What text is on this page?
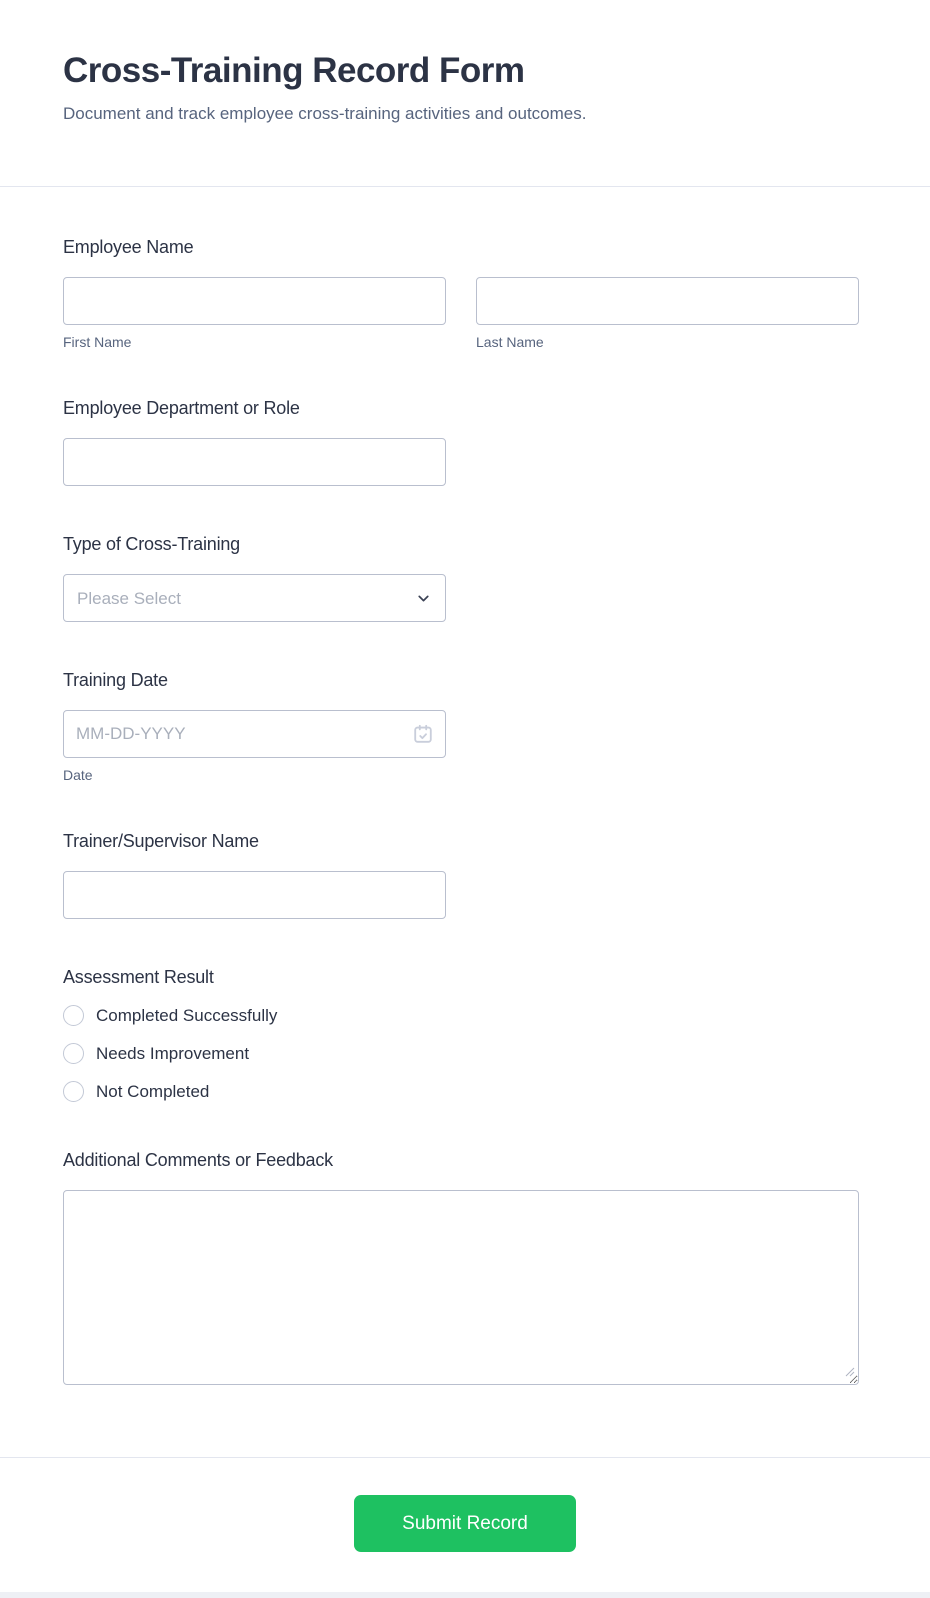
Cross-Training Record Form

Document and track employee cross-training activities and outcomes.

Employee Name
First Name	Last Name
Employee Department or Role
Type of Cross-Training
Please Select
Training Date
MM-DD-YYYY
Date
Trainer/Supervisor Name
Assessment Result
Completed Successfully
Needs Improvement
Not Completed
Additional Comments or Feedback
Submit Record
